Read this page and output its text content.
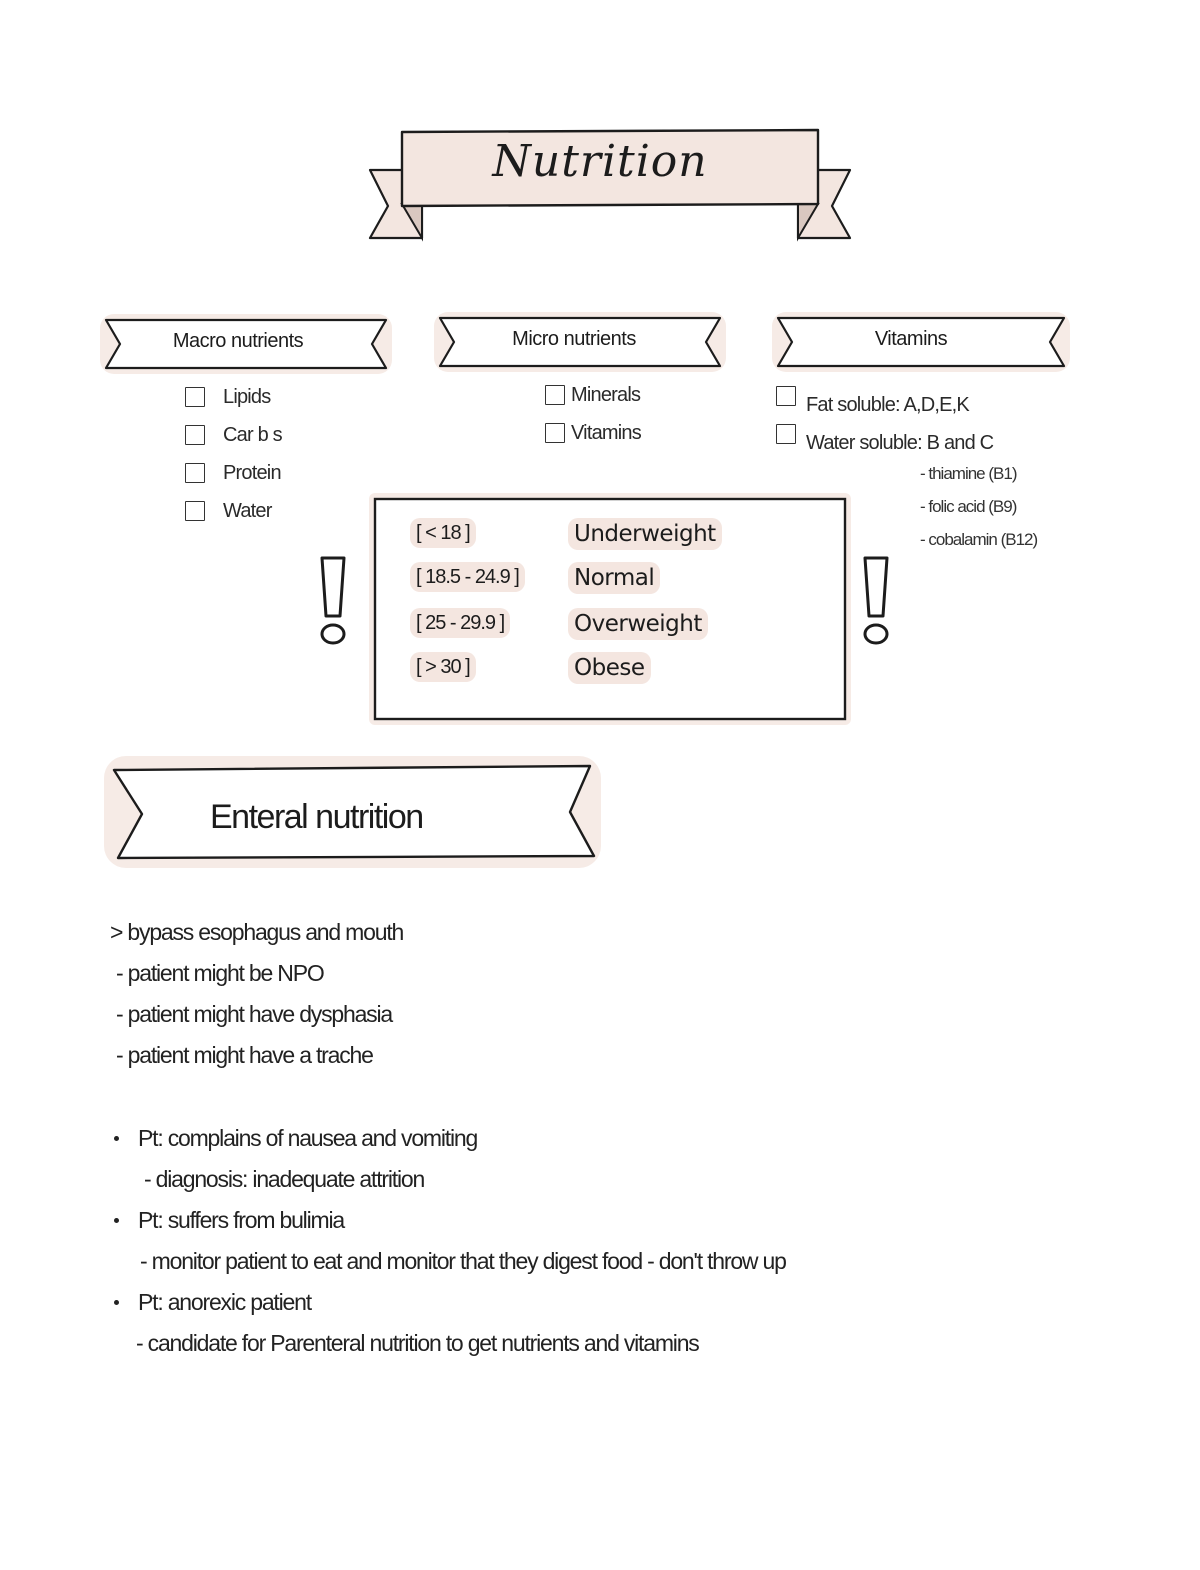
Nutrition
Macro nutrients	Micro nutrients	Vitamins
Lipids
Car b s
Protein
Water
Minerals
Vitamins
Fat soluble: A,D,E,K
Water soluble: B and C
- thiamine (B1)
- folic acid (B9)
- cobalamin (B12)
[ < 18 ]	Underweight
[ 18.5 - 24.9 ] Normal
[ 25 - 29.9 ]	Overweight
[ > 30 ]	Obese
Enteral nutrition
> bypass esophagus and mouth
- patient might be NPO
- patient might have dysphasia
- patient might have a trache
Pt: complains of nausea and vomiting
- diagnosis: inadequate attrition
Pt: suffers from bulimia
- monitor patient to eat and monitor that they digest food - don't throw up
Pt: anorexic patient
- candidate for Parenteral nutrition to get nutrients and vitamins
